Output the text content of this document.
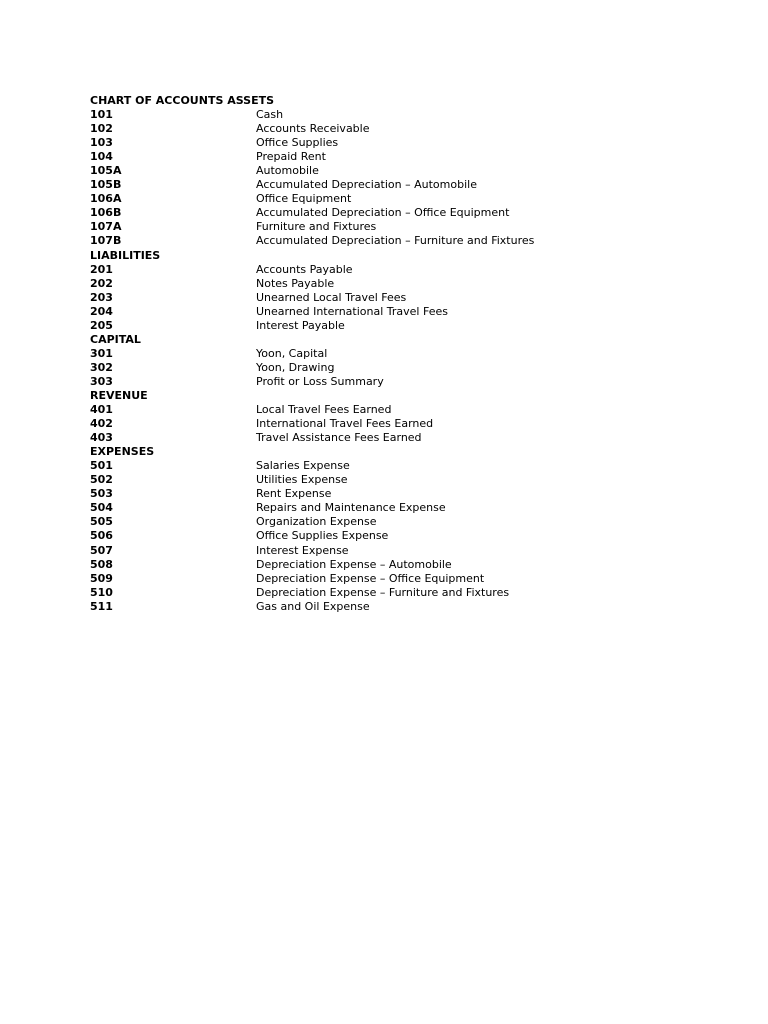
CHART OF ACCOUNTS ASSETS
101	Cash
102	Accounts Receivable
103	Office Supplies
104	Prepaid Rent
105A	Automobile
105B	Accumulated Depreciation – Automobile
106A	Office Equipment
106B	Accumulated Depreciation – Office Equipment
107A	Furniture and Fixtures
107B	Accumulated Depreciation – Furniture and Fixtures
LIABILITIES
201	Accounts Payable
202	Notes Payable
203	Unearned Local Travel Fees
204	Unearned International Travel Fees
205	Interest Payable
CAPITAL
301	Yoon, Capital
302	Yoon, Drawing
303	Profit or Loss Summary
REVENUE
401	Local Travel Fees Earned
402	International Travel Fees Earned
403	Travel Assistance Fees Earned
EXPENSES
501	Salaries Expense
502	Utilities Expense
503	Rent Expense
504	Repairs and Maintenance Expense
505	Organization Expense
506	Office Supplies Expense
507	Interest Expense
508	Depreciation Expense – Automobile
509	Depreciation Expense – Office Equipment
510	Depreciation Expense – Furniture and Fixtures
511	Gas and Oil Expense
